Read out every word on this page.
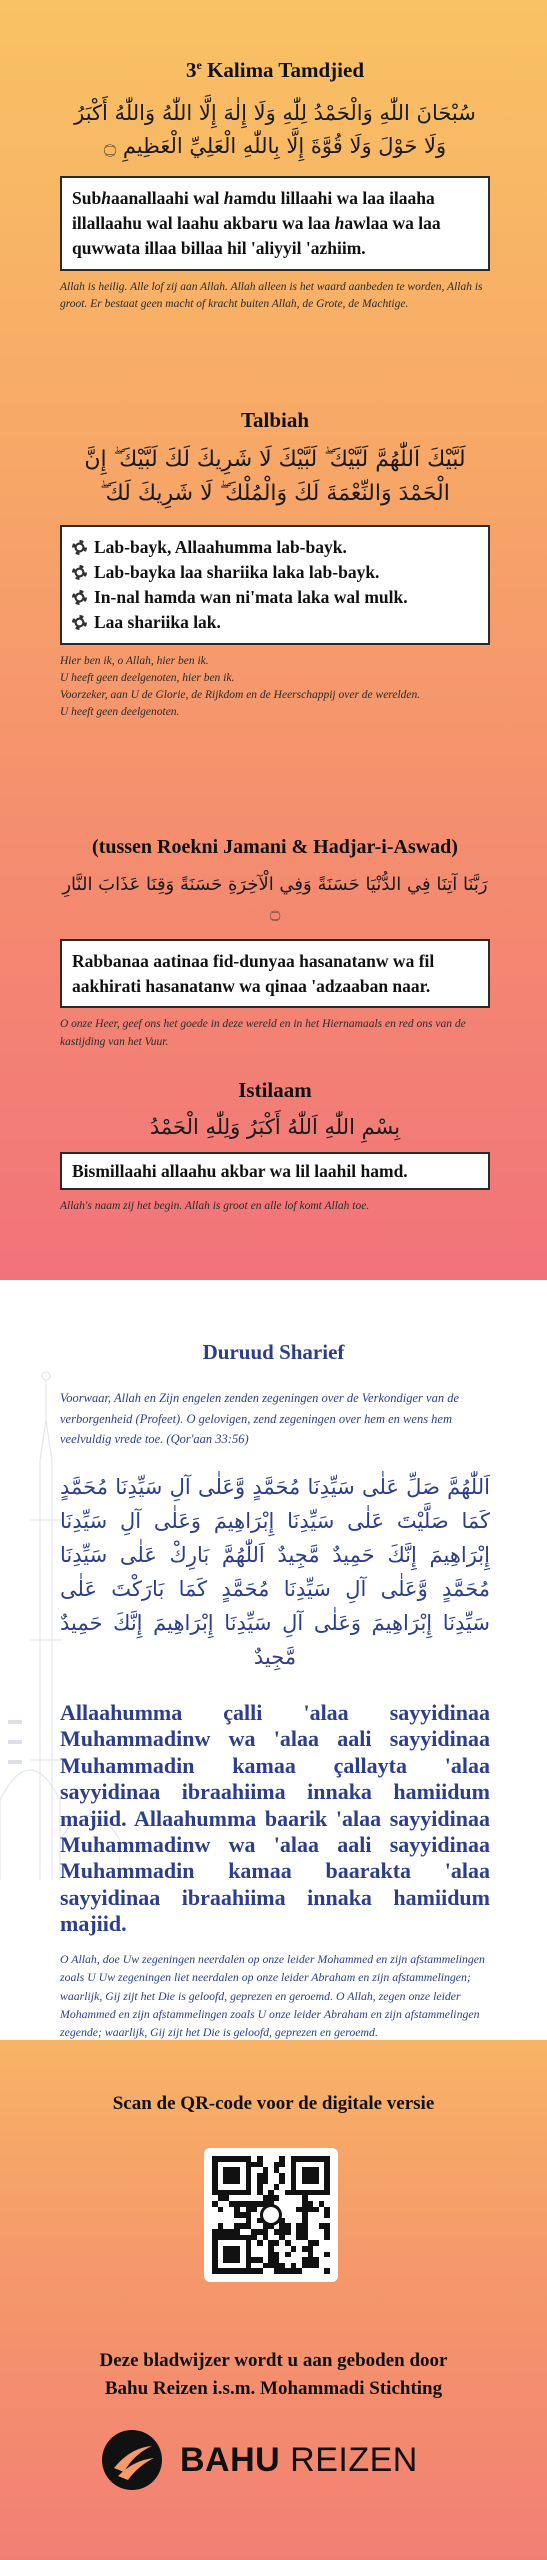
3e Kalima Tamdjied
سُبْحَانَ اللّٰهِ وَالْحَمْدُ لِلّٰهِ وَلَا إِلٰهَ إِلَّا اللّٰهُ وَاللّٰهُ أَكْبَرُ وَلَا حَوْلَ وَلَا قُوَّةَ إِلَّا بِاللّٰهِ الْعَلِيِّ الْعَظِيمِ ۝
Subhaanallaahi wal hamdu lillaahi wa laa ilaaha illallaahu wal laahu akbaru wa laa hawlaa wa laa quwwata illaa billaa hil 'aliyyil 'azhiim.
Allah is heilig. Alle lof zij aan Allah. Allah alleen is het waard aanbeden te worden, Allah is groot. Er bestaat geen macht of kracht buiten Allah, de Grote, de Machtige.
Talbiah
لَبَّيْكَ اَللّٰهُمَّ لَبَّيْكَ ۖ لَبَّيْكَ لَا شَرِيكَ لَكَ لَبَّيْكَ ۖ إِنَّ الْحَمْدَ وَالنِّعْمَةَ لَكَ وَالْمُلْكَ ۖ لَا شَرِيكَ لَكَ ۖ
Lab-bayk, Allaahumma lab-bayk.
Lab-bayka laa shariika laka lab-bayk.
In-nal hamda wan ni'mata laka wal mulk.
Laa shariika lak.
Hier ben ik, o Allah, hier ben ik.
U heeft geen deelgenoten, hier ben ik.
Voorzeker, aan U de Glorie, de Rijkdom en de Heerschappij over de werelden.
U heeft geen deelgenoten.
(tussen Roekni Jamani & Hadjar-i-Aswad)
رَبَّنَا آتِنَا فِي الدُّنْيَا حَسَنَةً وَفِي الْآخِرَةِ حَسَنَةً وَقِنَا عَذَابَ النَّارِ ۝
Rabbanaa aatinaa fid-dunyaa hasanatanw wa fil aakhirati hasanatanw wa qinaa 'adzaaban naar.
O onze Heer, geef ons het goede in deze wereld en in het Hiernamaals en red ons van de kastijding van het Vuur.
Istilaam
بِسْمِ اللّٰهِ اَللّٰهُ أَكْبَرُ وَلِلّٰهِ الْحَمْدُ
Bismillaahi allaahu akbar wa lil laahil hamd.
Allah's naam zij het begin. Allah is groot en alle lof komt Allah toe.
Duruud Sharief
Voorwaar, Allah en Zijn engelen zenden zegeningen over de Verkondiger van de verborgenheid (Profeet). O gelovigen, zend zegeningen over hem en wens hem veelvuldig vrede toe. (Qor'aan 33:56)
اَللّٰهُمَّ صَلِّ عَلٰى سَيِّدِنَا مُحَمَّدٍ وَّعَلٰى آلِ سَيِّدِنَا مُحَمَّدٍ كَمَا صَلَّيْتَ عَلٰى سَيِّدِنَا إِبْرَاهِيمَ وَعَلٰى آلِ سَيِّدِنَا إِبْرَاهِيمَ إِنَّكَ حَمِيدٌ مَّجِيدٌ اَللّٰهُمَّ بَارِكْ عَلٰى سَيِّدِنَا مُحَمَّدٍ وَّعَلٰى آلِ سَيِّدِنَا مُحَمَّدٍ كَمَا بَارَكْتَ عَلٰى سَيِّدِنَا إِبْرَاهِيمَ وَعَلٰى آلِ سَيِّدِنَا إِبْرَاهِيمَ إِنَّكَ حَمِيدٌ مَّجِيدٌ
Allaahumma çalli 'alaa sayyidinaa Muhammadinw wa 'alaa aali sayyidinaa Muhammadin kamaa çallayta 'alaa sayyidinaa ibraahiima innaka hamiidum majiid. Allaahumma baarik 'alaa sayyidinaa Muhammadinw wa 'alaa aali sayyidinaa Muhammadin kamaa baarakta 'alaa sayyidinaa ibraahiima innaka hamiidum majiid.
O Allah, doe Uw zegeningen neerdalen op onze leider Mohammed en zijn afstammelingen zoals U Uw zegeningen liet neerdalen op onze leider Abraham en zijn afstammelingen; waarlijk, Gij zijt het Die is geloofd, geprezen en geroemd. O Allah, zegen onze leider Mohammed en zijn afstammelingen zoals U onze leider Abraham en zijn afstammelingen zegende; waarlijk, Gij zijt het Die is geloofd, geprezen en geroemd.
Scan de QR-code voor de digitale versie
Deze bladwijzer wordt u aan geboden door
Bahu Reizen i.s.m. Mohammadi Stichting
BAHU REIZEN
